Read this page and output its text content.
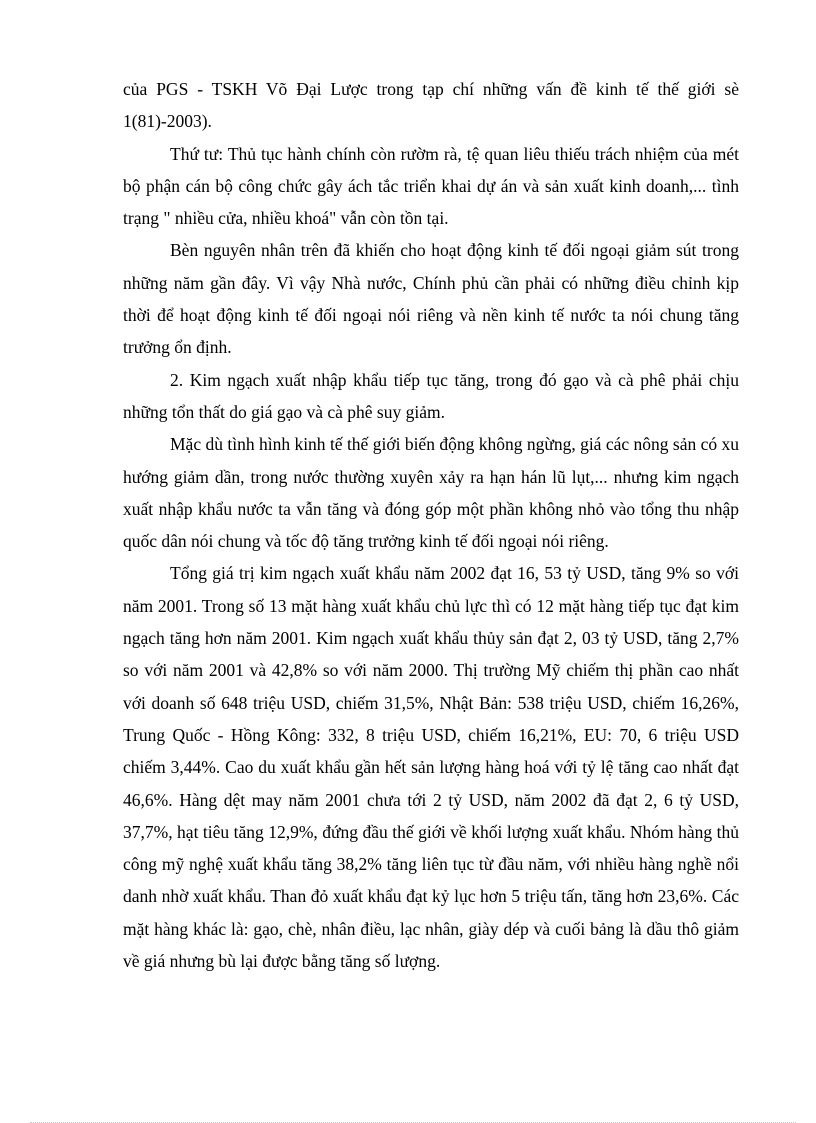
của PGS - TSKH Võ Đại Lược trong tạp chí những vấn đề kinh tế thế giới sè 1(81)-2003).

Thứ tư: Thủ tục hành chính còn rườm rà, tệ quan liêu thiếu trách nhiệm của mét bộ phận cán bộ công chức gây ách tắc triển khai dự án và sản xuất kinh doanh,... tình trạng " nhiều cửa, nhiều khoá" vẫn còn tồn tại.

Bèn nguyên nhân trên đã khiến cho hoạt động kinh tế đối ngoại giảm sút trong những năm gần đây. Vì vậy Nhà nước, Chính phủ cần phải có những điều chỉnh kịp thời để hoạt động kinh tế đối ngoại nói riêng và nền kinh tế nước ta nói chung tăng trưởng ổn định.

2. Kim ngạch xuất nhập khẩu tiếp tục tăng, trong đó gạo và cà phê phải chịu những tổn thất do giá gạo và cà phê suy giảm.

Mặc dù tình hình kinh tế thế giới biến động không ngừng, giá các nông sản có xu hướng giảm dần, trong nước thường xuyên xảy ra hạn hán lũ lụt,... nhưng kim ngạch xuất nhập khẩu nước ta vẫn tăng và đóng góp một phần không nhỏ vào tổng thu nhập quốc dân nói chung và tốc độ tăng trưởng kinh tế đối ngoại nói riêng.

Tổng giá trị kim ngạch xuất khẩu năm 2002 đạt 16, 53 tỷ USD, tăng 9% so với năm 2001. Trong số 13 mặt hàng xuất khẩu chủ lực thì có 12 mặt hàng tiếp tục đạt kim ngạch tăng hơn năm 2001. Kim ngạch xuất khẩu thủy sản đạt 2, 03 tỷ USD, tăng 2,7% so với năm 2001 và 42,8% so với năm 2000. Thị trường Mỹ chiếm thị phần cao nhất với doanh số 648 triệu USD, chiếm 31,5%, Nhật Bản: 538 triệu USD, chiếm 16,26%, Trung Quốc - Hồng Kông: 332, 8 triệu USD, chiếm 16,21%, EU: 70, 6 triệu USD chiếm 3,44%. Cao du xuất khẩu gần hết sản lượng hàng hoá với tỷ lệ tăng cao nhất đạt 46,6%. Hàng dệt may năm 2001 chưa tới 2 tỷ USD, năm 2002 đã đạt 2, 6 tỷ USD, 37,7%, hạt tiêu tăng 12,9%, đứng đầu thế giới về khối lượng xuất khẩu. Nhóm hàng thủ công mỹ nghệ xuất khẩu tăng 38,2% tăng liên tục từ đầu năm, với nhiều hàng nghề nổi danh nhờ xuất khẩu. Than đỏ xuất khẩu đạt kỷ lục hơn 5 triệu tấn, tăng hơn 23,6%. Các mặt hàng khác là: gạo, chè, nhân điều, lạc nhân, giày dép và cuối bảng là dầu thô giảm về giá nhưng bù lại được bằng tăng số lượng.
